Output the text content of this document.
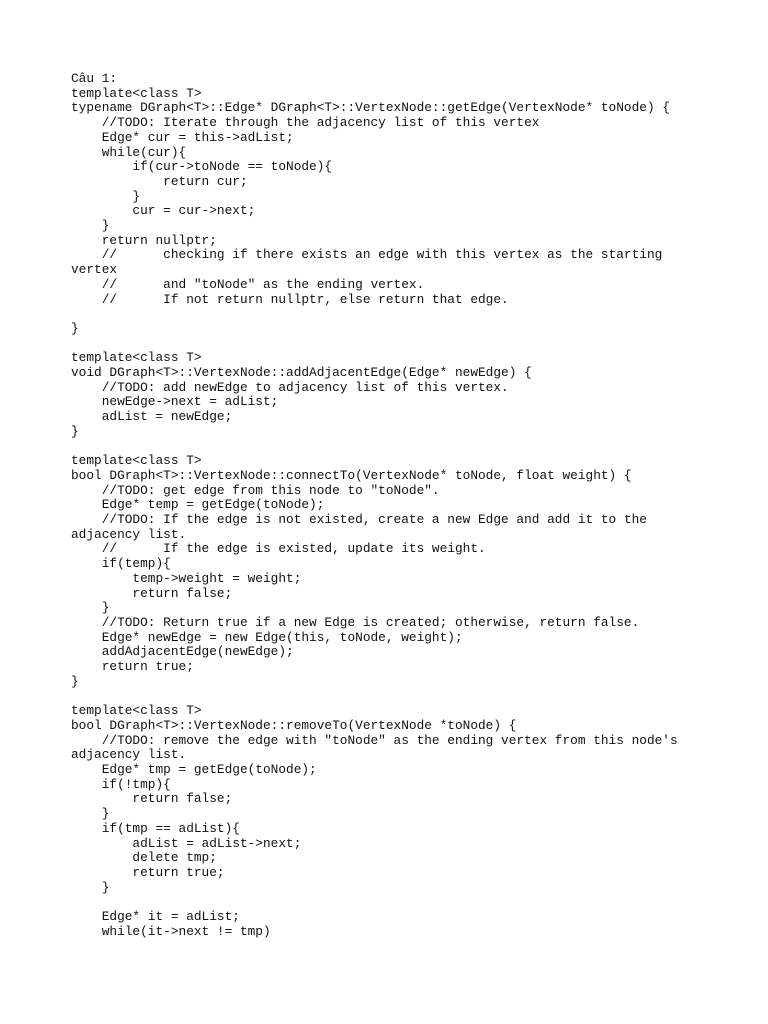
Câu 1:
template<class T>
typename DGraph<T>::Edge* DGraph<T>::VertexNode::getEdge(VertexNode* toNode) {
//TODO: Iterate through the adjacency list of this vertex
Edge* cur = this->adList;
while(cur){
if(cur->toNode == toNode){
return cur;
}
cur = cur->next;
}
return nullptr;
//      checking if there exists an edge with this vertex as the starting
vertex
//      and "toNode" as the ending vertex.
//      If not return nullptr, else return that edge.
}
template<class T>
void DGraph<T>::VertexNode::addAdjacentEdge(Edge* newEdge) {
//TODO: add newEdge to adjacency list of this vertex.
newEdge->next = adList;
adList = newEdge;
}
template<class T>
bool DGraph<T>::VertexNode::connectTo(VertexNode* toNode, float weight) {
//TODO: get edge from this node to "toNode".
Edge* temp = getEdge(toNode);
//TODO: If the edge is not existed, create a new Edge and add it to the
adjacency list.
//      If the edge is existed, update its weight.
if(temp){
temp->weight = weight;
return false;
}
//TODO: Return true if a new Edge is created; otherwise, return false.
Edge* newEdge = new Edge(this, toNode, weight);
addAdjacentEdge(newEdge);
return true;
}
template<class T>
bool DGraph<T>::VertexNode::removeTo(VertexNode *toNode) {
//TODO: remove the edge with "toNode" as the ending vertex from this node's
adjacency list.
Edge* tmp = getEdge(toNode);
if(!tmp){
return false;
}
if(tmp == adList){
adList = adList->next;
delete tmp;
return true;
}
Edge* it = adList;
while(it->next != tmp)
